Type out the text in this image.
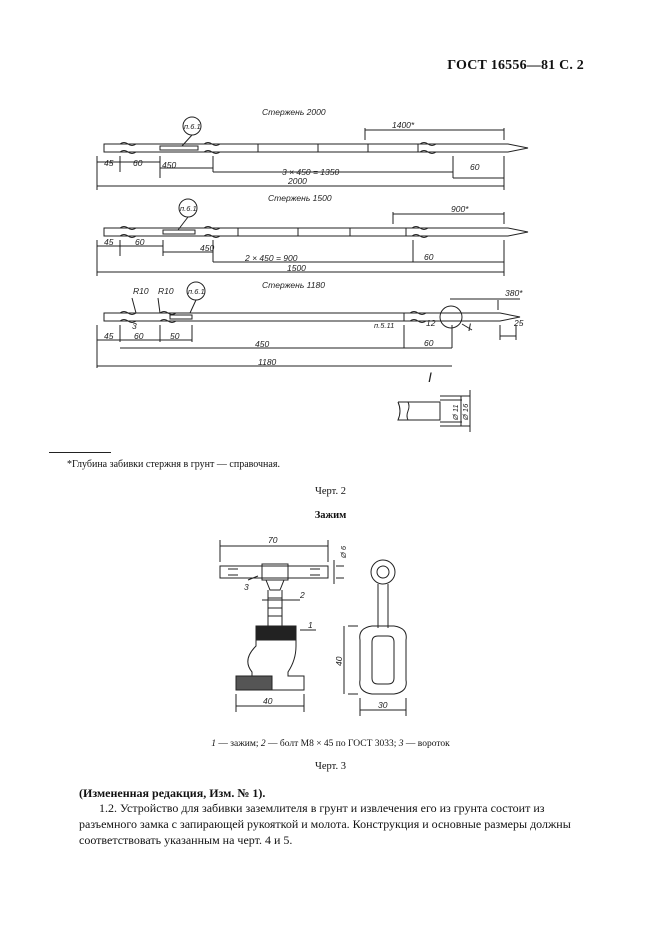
ГОСТ 16556—81 С. 2
Стержень 2000
1400*
45 60 450
3 × 450 = 1350	60
2000
п.6.1
Стержень 1500
900*
45	60
450
2 × 450 = 900	60
1500
п.6.1
Стержень 1180
380*
R10 R10
3
45 60	50
450	60
1180
25
12
п.6.1
п.5.11	I
I
Ø 11 Ø 16
*Глубина забивки стержня в грунт — справочная.
Черт. 2
Зажим
70
Ø 6
40
40
30
1
2
3
1 — зажим; 2 — болт М8 × 45 по ГОСТ 3033; 3 — вороток
Черт. 3
(Измененная редакция, Изм. № 1).
1.2. Устройство для забивки заземлителя в грунт и извлечения его из грунта состоит из разъемного замка с запирающей рукояткой и молота. Конструкция и основные размеры должны соответствовать указанным на черт. 4 и 5.
